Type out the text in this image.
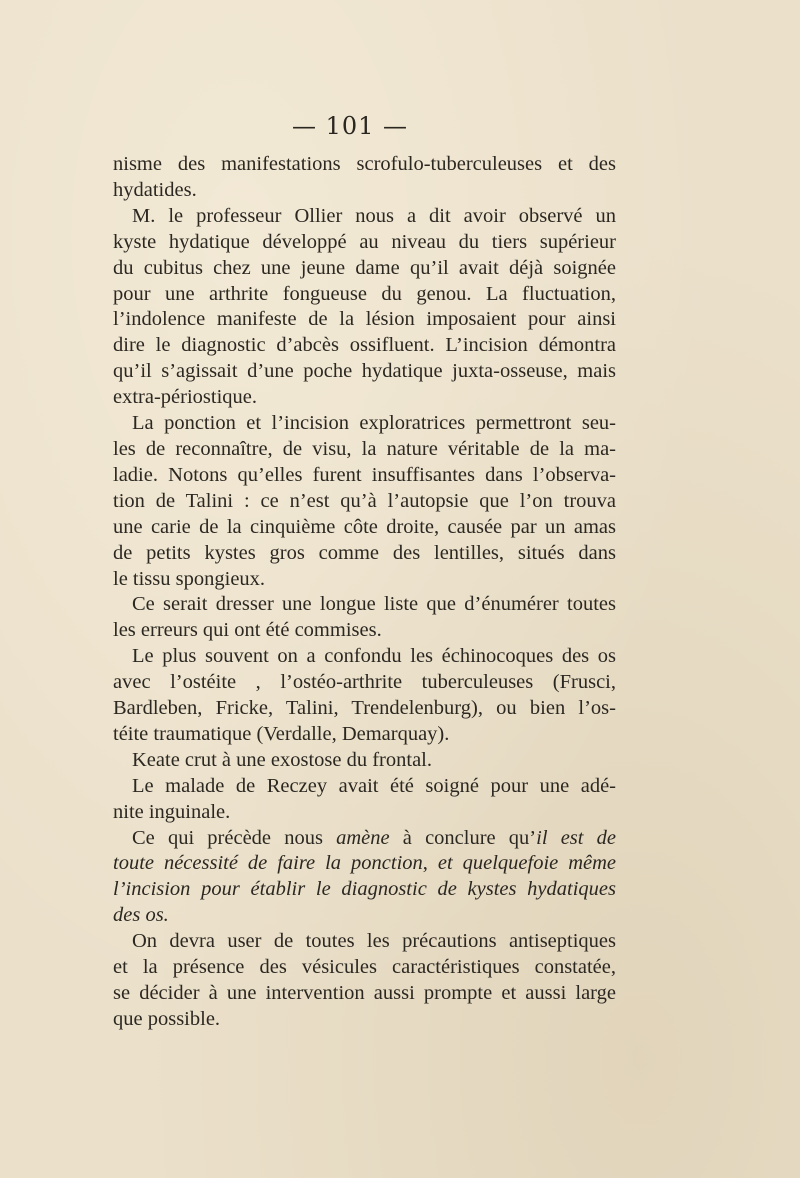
— 101 —
nisme des manifestations scrofulo-tuberculeuses et des
hydatides.
M. le professeur Ollier nous a dit avoir observé un
kyste hydatique développé au niveau du tiers supérieur
du cubitus chez une jeune dame qu’il avait déjà soignée
pour une arthrite fongueuse du genou. La fluctuation,
l’indolence manifeste de la lésion imposaient pour ainsi
dire le diagnostic d’abcès ossifluent. L’incision démontra
qu’il s’agissait d’une poche hydatique juxta-osseuse, mais
extra-périostique.
La ponction et l’incision exploratrices permettront seu-
les de reconnaître, de visu, la nature véritable de la ma-
ladie. Notons qu’elles furent insuffisantes dans l’observa-
tion de Talini : ce n’est qu’à l’autopsie que l’on trouva
une carie de la cinquième côte droite, causée par un amas
de petits kystes gros comme des lentilles, situés dans
le tissu spongieux.
Ce serait dresser une longue liste que d’énumérer toutes
les erreurs qui ont été commises.
Le plus souvent on a confondu les échinocoques des os
avec l’ostéite , l’ostéo-arthrite tuberculeuses (Frusci,
Bardleben, Fricke, Talini, Trendelenburg), ou bien l’os-
téite traumatique (Verdalle, Demarquay).
Keate crut à une exostose du frontal.
Le malade de Reczey avait été soigné pour une adé-
nite inguinale.
Ce qui précède nous amène à conclure qu’il est de
toute nécessité de faire la ponction, et quelquefoie même
l’incision pour établir le diagnostic de kystes hydatiques
des os.
On devra user de toutes les précautions antiseptiques
et la présence des vésicules caractéristiques constatée,
se décider à une intervention aussi prompte et aussi large
que possible.
